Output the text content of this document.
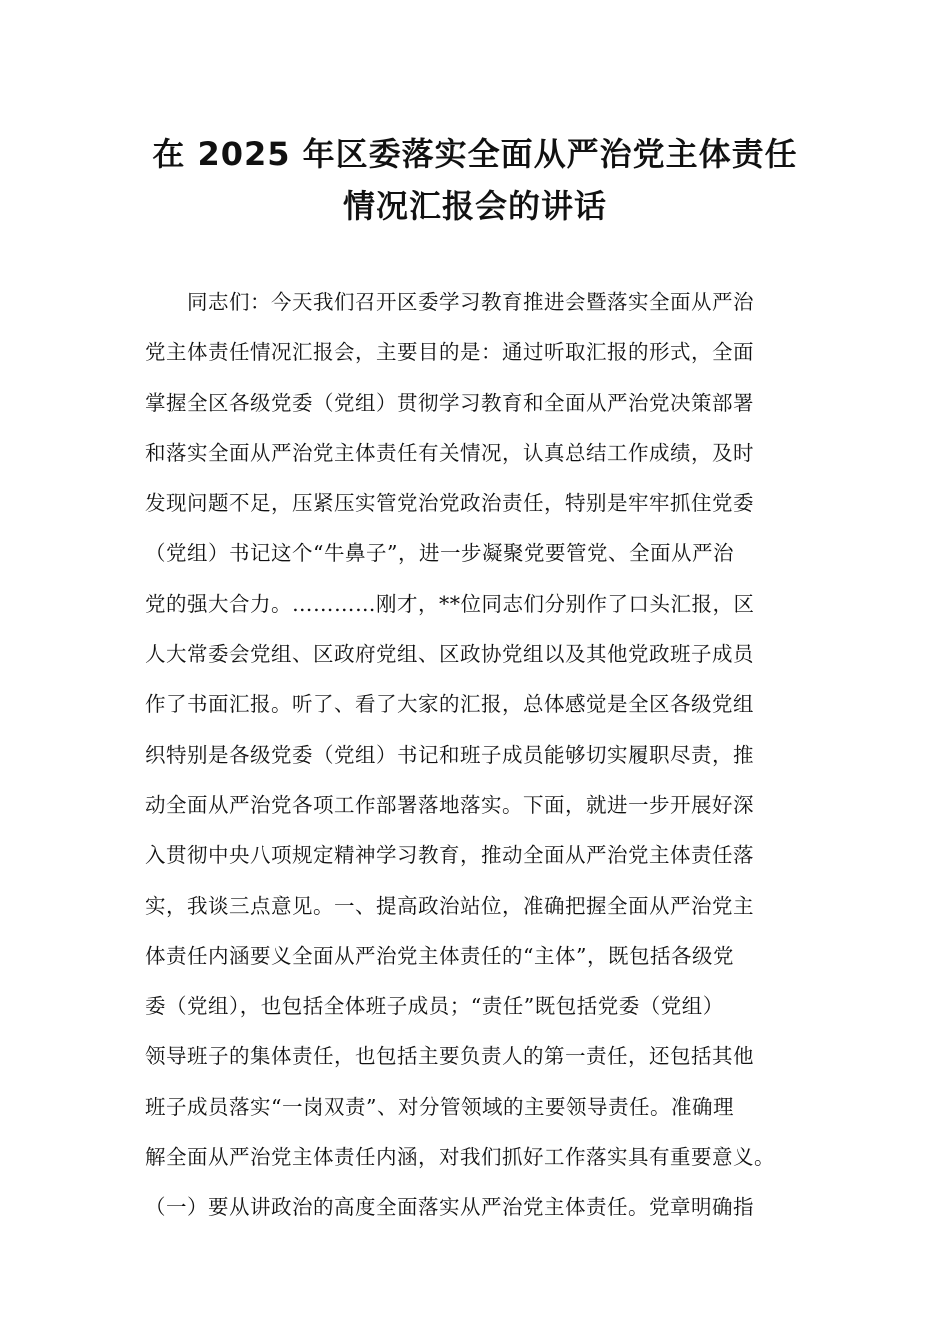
在 2025 年区委落实全面从严治党主体责任
情况汇报会的讲话
同志们：今天我们召开区委学习教育推进会暨落实全面从严治
党主体责任情况汇报会，主要目的是：通过听取汇报的形式，全面
掌握全区各级党委（党组）贯彻学习教育和全面从严治党决策部署
和落实全面从严治党主体责任有关情况，认真总结工作成绩，及时
发现问题不足，压紧压实管党治党政治责任，特别是牢牢抓住党委
（党组）书记这个“牛鼻子”，进一步凝聚党要管党、全面从严治
党的强大合力。…………刚才，**位同志们分别作了口头汇报，区
人大常委会党组、区政府党组、区政协党组以及其他党政班子成员
作了书面汇报。听了、看了大家的汇报，总体感觉是全区各级党组
织特别是各级党委（党组）书记和班子成员能够切实履职尽责，推
动全面从严治党各项工作部署落地落实。下面，就进一步开展好深
入贯彻中央八项规定精神学习教育，推动全面从严治党主体责任落
实，我谈三点意见。一、提高政治站位，准确把握全面从严治党主
体责任内涵要义全面从严治党主体责任的“主体”，既包括各级党
委（党组），也包括全体班子成员；“责任”既包括党委（党组）
领导班子的集体责任，也包括主要负责人的第一责任，还包括其他
班子成员落实“一岗双责”、对分管领域的主要领导责任。准确理
解全面从严治党主体责任内涵，对我们抓好工作落实具有重要意义。
（一）要从讲政治的高度全面落实从严治党主体责任。党章明确指
